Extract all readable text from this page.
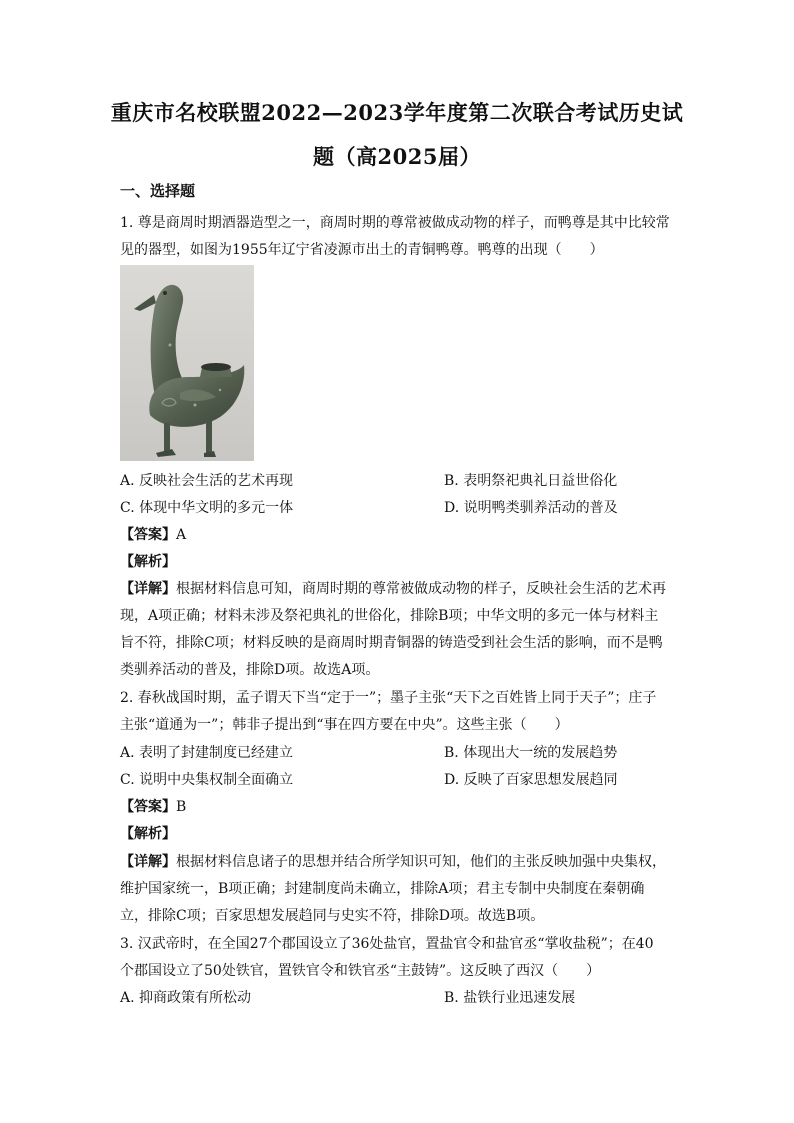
重庆市名校联盟2022—2023学年度第二次联合考试历史试
题（高2025届）
一、选择题
1. 尊是商周时期酒器造型之一，商周时期的尊常被做成动物的样子，而鸭尊是其中比较常
见的器型，如图为1955年辽宁省凌源市出土的青铜鸭尊。鸭尊的出现（　　）
A. 反映社会生活的艺术再现	B. 表明祭祀典礼日益世俗化
C. 体现中华文明的多元一体	D. 说明鸭类驯养活动的普及
【答案】A
【解析】
【详解】根据材料信息可知，商周时期的尊常被做成动物的样子，反映社会生活的艺术再
现，A项正确；材料未涉及祭祀典礼的世俗化，排除B项；中华文明的多元一体与材料主
旨不符，排除C项；材料反映的是商周时期青铜器的铸造受到社会生活的影响，而不是鸭
类驯养活动的普及，排除D项。故选A项。
2. 春秋战国时期，孟子谓天下当“定于一”；墨子主张“天下之百姓皆上同于天子”；庄子
主张“道通为一”；韩非子提出到“事在四方要在中央”。这些主张（　　）
A. 表明了封建制度已经建立	B. 体现出大一统的发展趋势
C. 说明中央集权制全面确立	D. 反映了百家思想发展趋同
【答案】B
【解析】
【详解】根据材料信息诸子的思想并结合所学知识可知，他们的主张反映加强中央集权，
维护国家统一，B项正确；封建制度尚未确立，排除A项；君主专制中央制度在秦朝确
立，排除C项；百家思想发展趋同与史实不符，排除D项。故选B项。
3. 汉武帝时，在全国27个郡国设立了36处盐官，置盐官令和盐官丞“掌收盐税”；在40
个郡国设立了50处铁官，置铁官令和铁官丞“主鼓铸”。这反映了西汉（　　）
A. 抑商政策有所松动	B. 盐铁行业迅速发展
